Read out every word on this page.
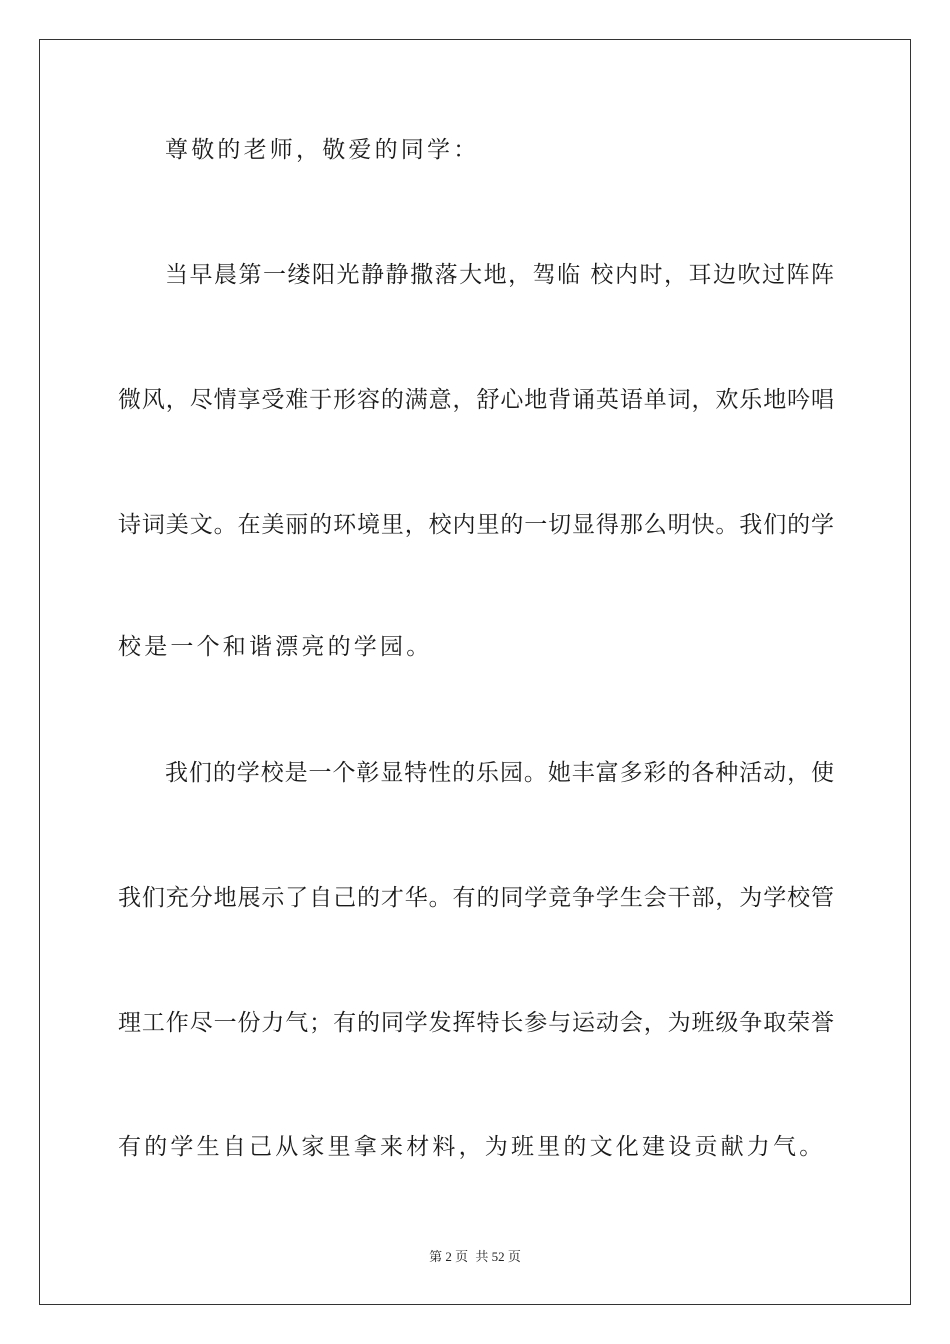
尊敬的老师，敬爱的同学：
当早晨第一缕阳光静静撒落大地，驾临 校内时，耳边吹过阵阵
微风，尽情享受难于形容的满意，舒心地背诵英语单词，欢乐地吟唱
诗词美文。在美丽的环境里，校内里的一切显得那么明快。我们的学
校是一个和谐漂亮的学园。
我们的学校是一个彰显特性的乐园。她丰富多彩的各种活动，使
我们充分地展示了自己的才华。有的同学竞争学生会干部，为学校管
理工作尽一份力气；有的同学发挥特长参与运动会，为班级争取荣誉
有的学生自己从家里拿来材料，为班里的文化建设贡献力气。
第 2 页 共 52 页
